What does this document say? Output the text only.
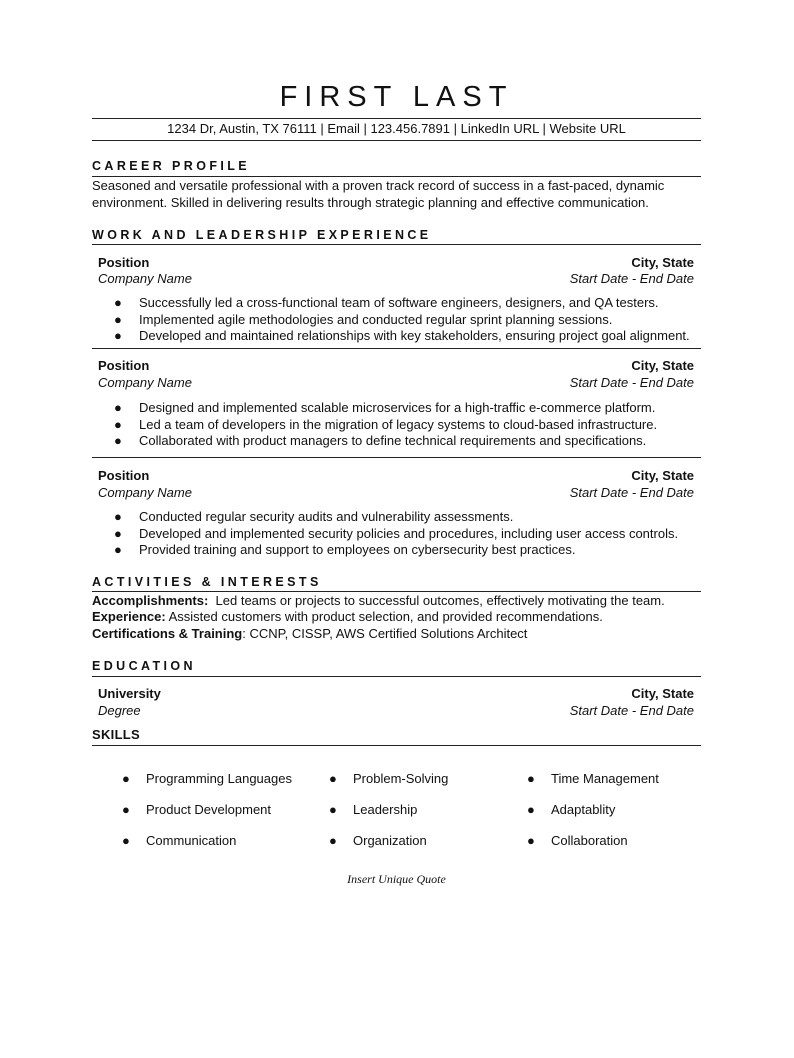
FIRST LAST
1234 Dr, Austin, TX 76111 | Email | 123.456.7891 | LinkedIn URL | Website URL
CAREER PROFILE
Seasoned and versatile professional with a proven track record of success in a fast-paced, dynamic
environment. Skilled in delivering results through strategic planning and effective communication.
WORK AND LEADERSHIP EXPERIENCE
Position	City, State
Company Name	Start Date - End Date
● Successfully led a cross-functional team of software engineers, designers, and QA testers.
● Implemented agile methodologies and conducted regular sprint planning sessions.
● Developed and maintained relationships with key stakeholders, ensuring project goal alignment.
Position	City, State
Company Name	Start Date - End Date
● Designed and implemented scalable microservices for a high-traffic e-commerce platform.
● Led a team of developers in the migration of legacy systems to cloud-based infrastructure.
● Collaborated with product managers to define technical requirements and specifications.
Position	City, State
Company Name	Start Date - End Date
● Conducted regular security audits and vulnerability assessments.
● Developed and implemented security policies and procedures, including user access controls.
● Provided training and support to employees on cybersecurity best practices.
ACTIVITIES & INTERESTS
Accomplishments:  Led teams or projects to successful outcomes, effectively motivating the team.
Experience: Assisted customers with product selection, and provided recommendations.
Certifications & Training: CCNP, CISSP, AWS Certified Solutions Architect
EDUCATION
University	City, State
Degree	Start Date - End Date
SKILLS
● Programming Languages	● Problem-Solving	● Time Management
● Product Development	● Leadership	● Adaptablity
● Communication	● Organization	● Collaboration
Insert Unique Quote
